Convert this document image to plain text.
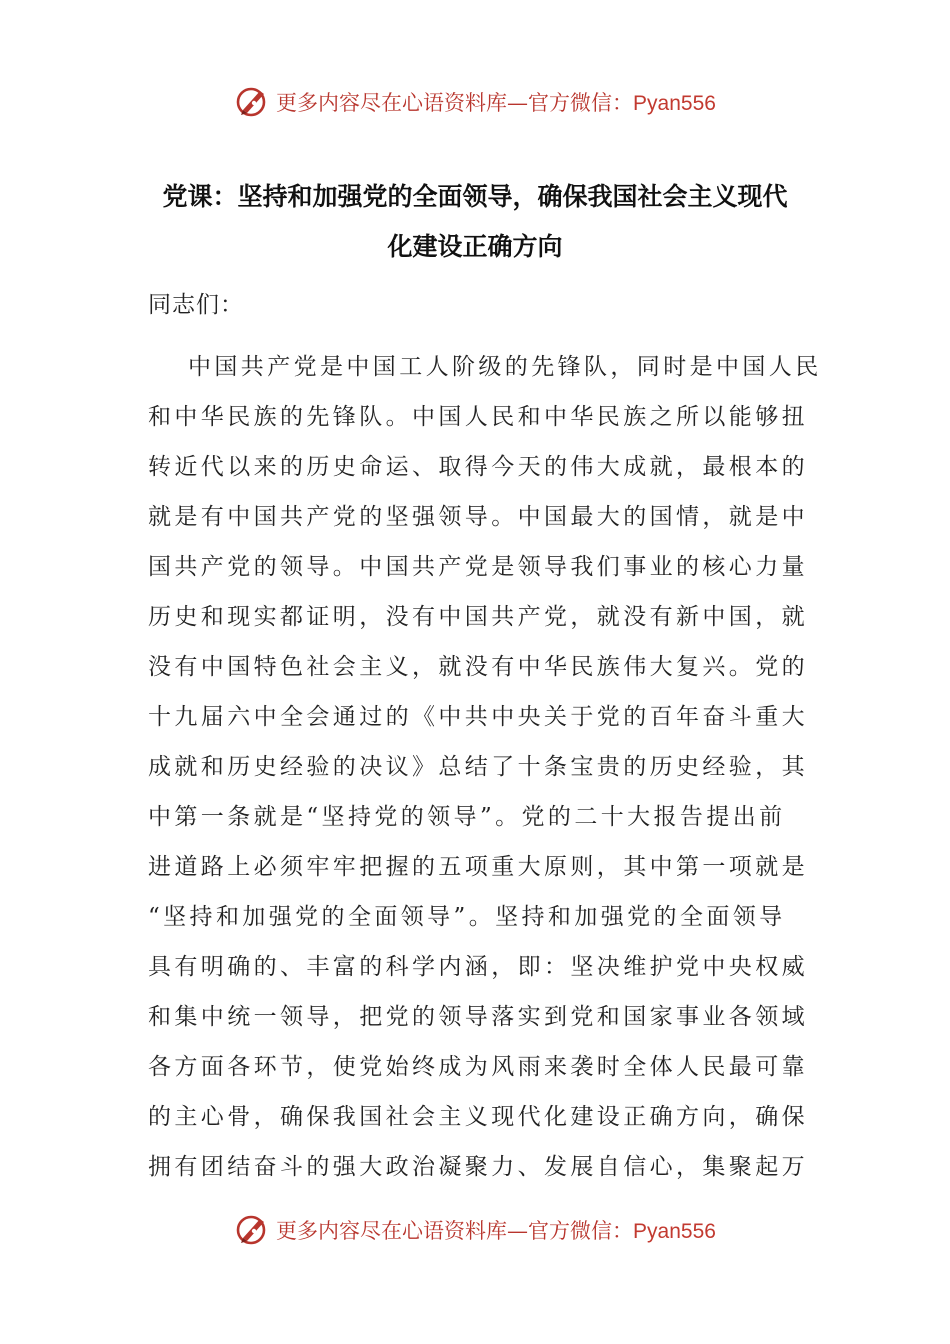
更多内容尽在心语资料库—官方微信：Pyan556
党课：坚持和加强党的全面领导，确保我国社会主义现代
化建设正确方向
同志们：
中国共产党是中国工人阶级的先锋队，同时是中国人民
和中华民族的先锋队。中国人民和中华民族之所以能够扭
转近代以来的历史命运、取得今天的伟大成就，最根本的
就是有中国共产党的坚强领导。中国最大的国情，就是中
国共产党的领导。中国共产党是领导我们事业的核心力量
历史和现实都证明，没有中国共产党，就没有新中国，就
没有中国特色社会主义，就没有中华民族伟大复兴。党的
十九届六中全会通过的《中共中央关于党的百年奋斗重大
成就和历史经验的决议》总结了十条宝贵的历史经验，其
中第一条就是“坚持党的领导”。党的二十大报告提出前
进道路上必须牢牢把握的五项重大原则，其中第一项就是
“坚持和加强党的全面领导”。坚持和加强党的全面领导
具有明确的、丰富的科学内涵，即：坚决维护党中央权威
和集中统一领导，把党的领导落实到党和国家事业各领域
各方面各环节，使党始终成为风雨来袭时全体人民最可靠
的主心骨，确保我国社会主义现代化建设正确方向，确保
拥有团结奋斗的强大政治凝聚力、发展自信心，集聚起万
更多内容尽在心语资料库—官方微信：Pyan556
